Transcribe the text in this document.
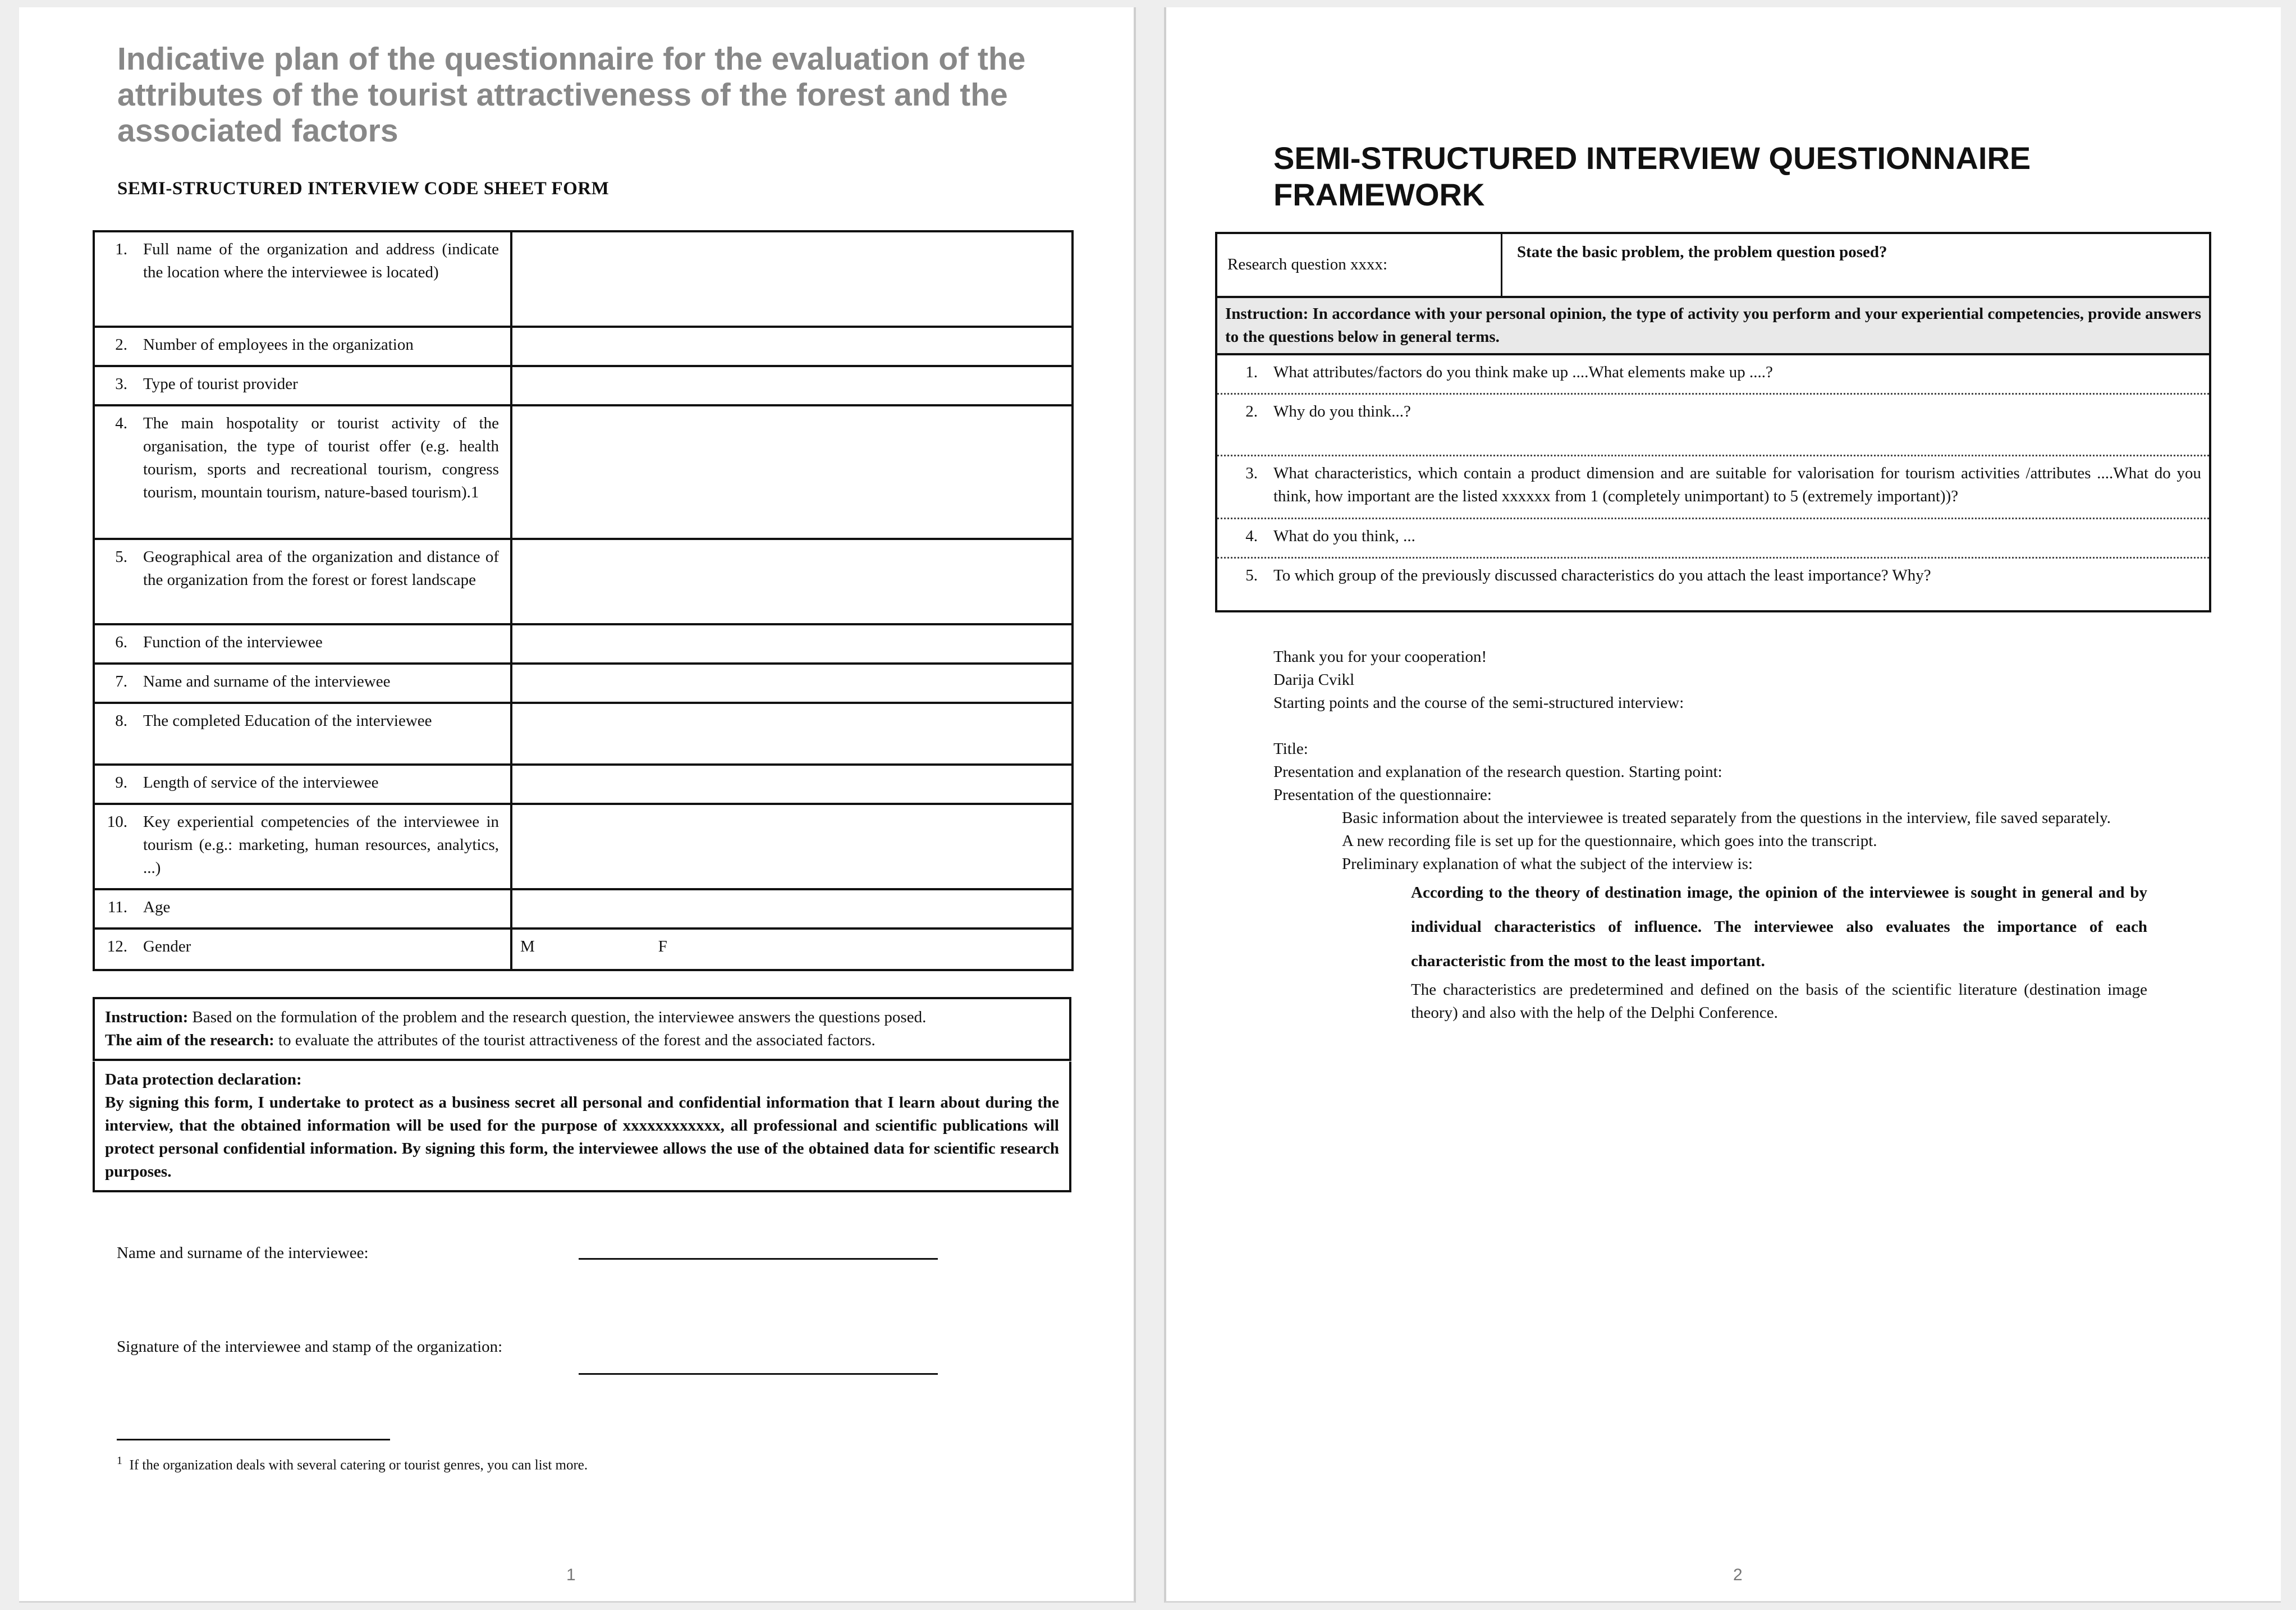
Indicative plan of the questionnaire for the evaluation of the attributes of the tourist attractiveness of the forest and the associated factors
SEMI-STRUCTURED INTERVIEW CODE SHEET FORM
1. Full name of the organization and address (indicate the location where the interviewee is located)	

2. Number of employees in the organization	

3. Type of tourist provider	

4. The main hospotality or tourist activity of the organisation, the type of tourist offer (e.g. health tourism, sports and recreational tourism, congress tourism, mountain tourism, nature-based tourism).1	

5. Geographical area of the organization and distance of the organization from the forest or forest landscape	

6. Function of the interviewee	

7. Name and surname of the interviewee	

8. The completed Education of the interviewee	

9. Length of service of the interviewee	

10. Key experiential competencies of the interviewee in tourism (e.g.: marketing, human resources, analytics, ...)	

11. Age	

12. Gender	M F
Instruction: Based on the formulation of the problem and the research question, the interviewee answers the questions posed.
The aim of the research: to evaluate the attributes of the tourist attractiveness of the forest and the associated factors.
Data protection declaration:
By signing this form, I undertake to protect as a business secret all personal and confidential information that I learn about during the interview, that the obtained information will be used for the purpose of xxxxxxxxxxxx, all professional and scientific publications will protect personal confidential information. By signing this form, the interviewee allows the use of the obtained data for scientific research purposes.
Name and surname of the interviewee:
Signature of the interviewee and stamp of the organization:
$^1$ If the organization deals with several catering or tourist genres, you can list more.
1
SEMI-STRUCTURED INTERVIEW QUESTIONNAIRE FRAMEWORK
Research question xxxx:
State the basic problem, the problem question posed?
Instruction: In accordance with your personal opinion, the type of activity you perform and your experiential competencies, provide answers to the questions below in general terms.
1. What attributes/factors do you think make up ....What elements make up ....?
2. Why do you think...?
3. What characteristics, which contain a product dimension and are suitable for valorisation for tourism activities /attributes ....What do you think, how important are the listed xxxxxx from 1 (completely unimportant) to 5 (extremely important))?
4. What do you think, ...
5. To which group of the previously discussed characteristics do you attach the least importance? Why?
Thank you for your cooperation!
Darija Cvikl
Starting points and the course of the semi-structured interview:
Title:
Presentation and explanation of the research question. Starting point:
Presentation of the questionnaire:
Basic information about the interviewee is treated separately from the questions in the interview, file saved separately.
A new recording file is set up for the questionnaire, which goes into the transcript.
Preliminary explanation of what the subject of the interview is:
According to the theory of destination image, the opinion of the interviewee is sought in general and by individual characteristics of influence. The interviewee also evaluates the importance of each characteristic from the most to the least important.
The characteristics are predetermined and defined on the basis of the scientific literature (destination image theory) and also with the help of the Delphi Conference.
2
